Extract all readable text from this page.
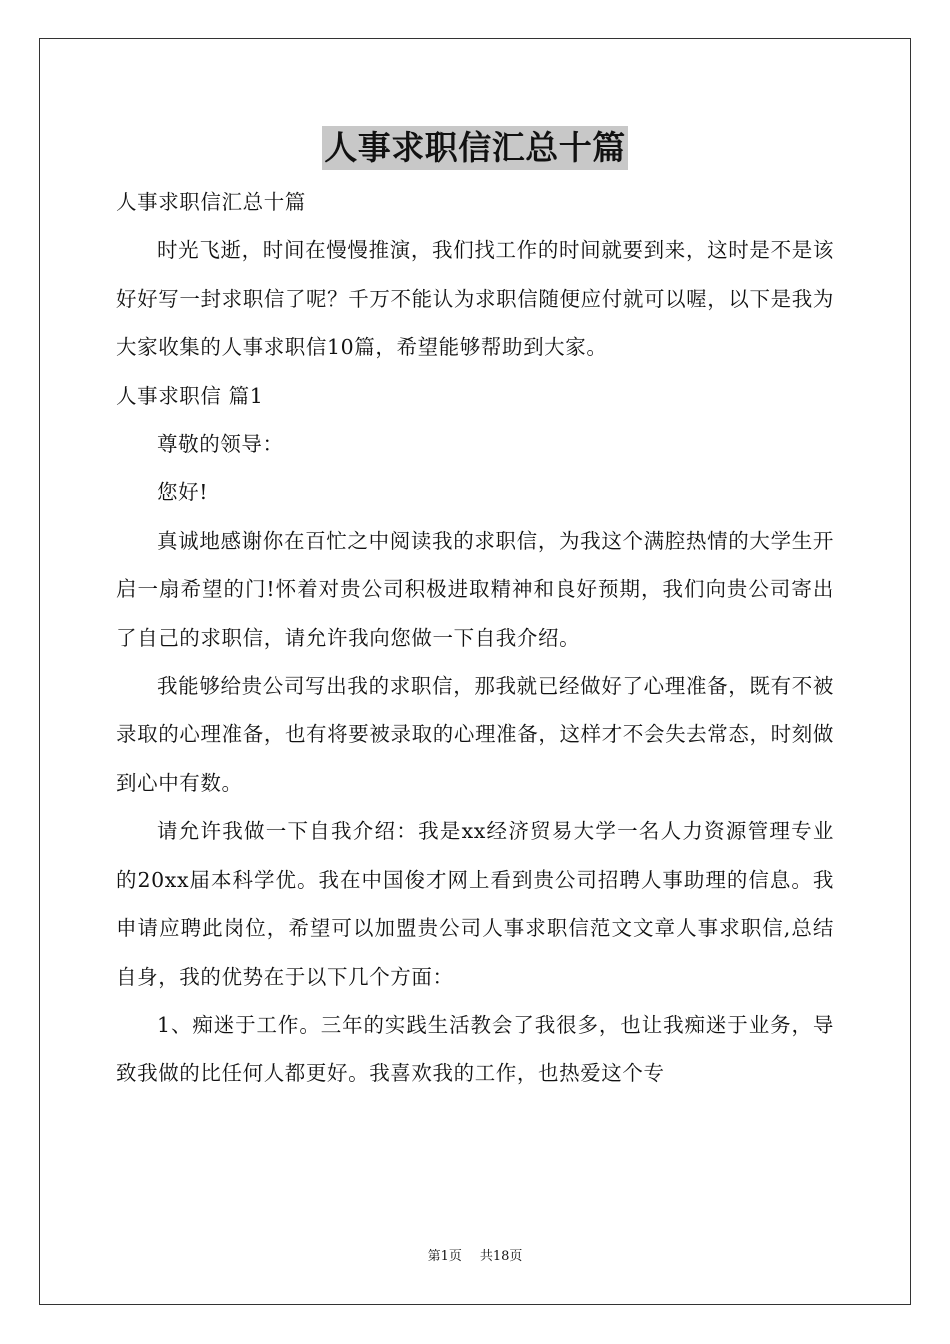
人事求职信汇总十篇

人事求职信汇总十篇

时光飞逝，时间在慢慢推演，我们找工作的时间就要到来，这时是不是该好好写一封求职信了呢？千万不能认为求职信随便应付就可以喔，以下是我为大家收集的人事求职信10篇，希望能够帮助到大家。

人事求职信 篇1

尊敬的领导：

您好!

真诚地感谢你在百忙之中阅读我的求职信，为我这个满腔热情的大学生开启一扇希望的门!怀着对贵公司积极进取精神和良好预期，我们向贵公司寄出了自己的求职信，请允许我向您做一下自我介绍。

我能够给贵公司写出我的求职信，那我就已经做好了心理准备，既有不被录取的心理准备，也有将要被录取的心理准备，这样才不会失去常态，时刻做到心中有数。

请允许我做一下自我介绍：我是xx经济贸易大学一名人力资源管理专业的20xx届本科学优。我在中国俊才网上看到贵公司招聘人事助理的信息。我申请应聘此岗位，希望可以加盟贵公司人事求职信范文文章人事求职信,总结自身，我的优势在于以下几个方面：

1、痴迷于工作。三年的实践生活教会了我很多，也让我痴迷于业务，导致我做的比任何人都更好。我喜欢我的工作，也热爱这个专

第1页 共18页
